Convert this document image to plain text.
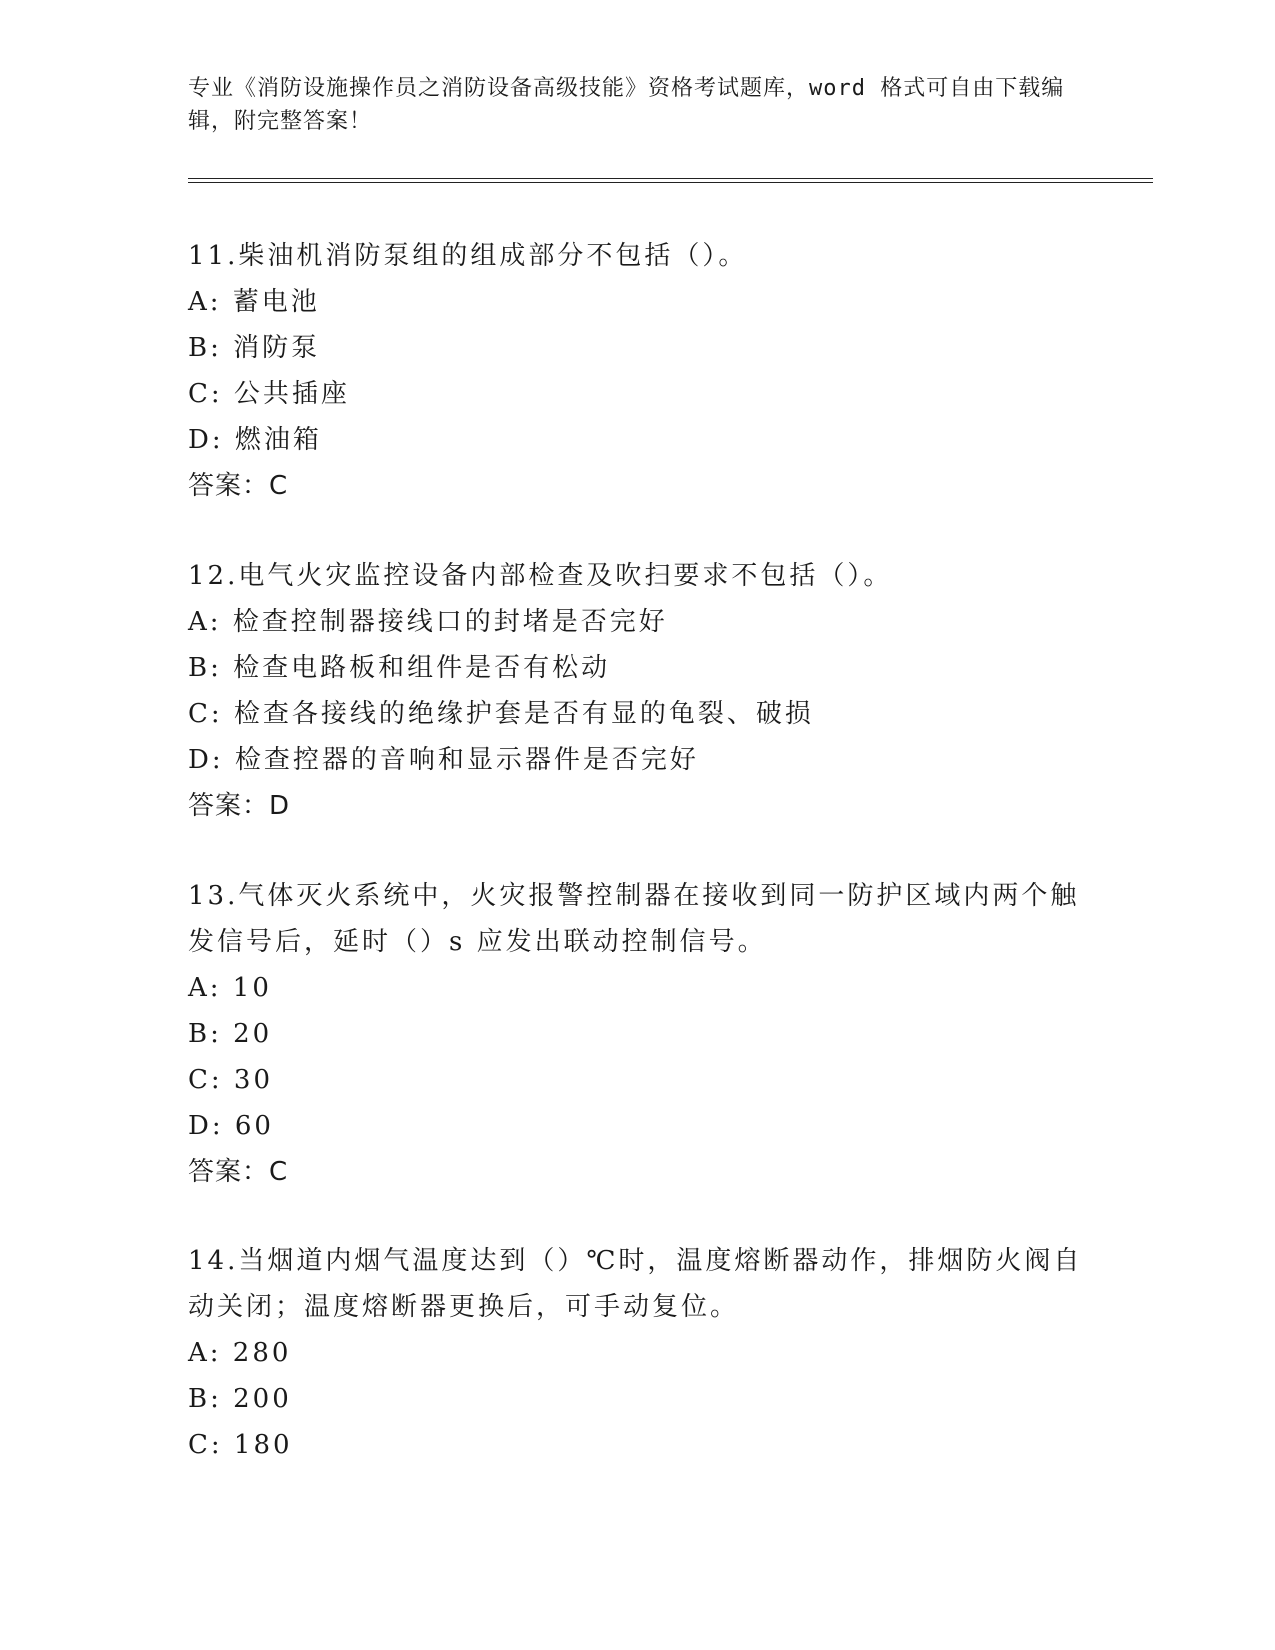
专业《消防设施操作员之消防设备高级技能》资格考试题库，word 格式可自由下载编辑，附完整答案！

11.柴油机消防泵组的组成部分不包括（）。

A: 蓄电池

B: 消防泵

C: 公共插座

D: 燃油箱

答案：C

12.电气火灾监控设备内部检查及吹扫要求不包括（）。

A: 检查控制器接线口的封堵是否完好

B: 检查电路板和组件是否有松动

C: 检查各接线的绝缘护套是否有显的龟裂、破损

D: 检查控器的音响和显示器件是否完好

答案：D

13.气体灭火系统中，火灾报警控制器在接收到同一防护区域内两个触发信号后，延时（）s 应发出联动控制信号。

A: 10

B: 20

C: 30

D: 60

答案：C

14.当烟道内烟气温度达到（）℃时，温度熔断器动作，排烟防火阀自动关闭；温度熔断器更换后，可手动复位。

A: 280

B: 200

C: 180
